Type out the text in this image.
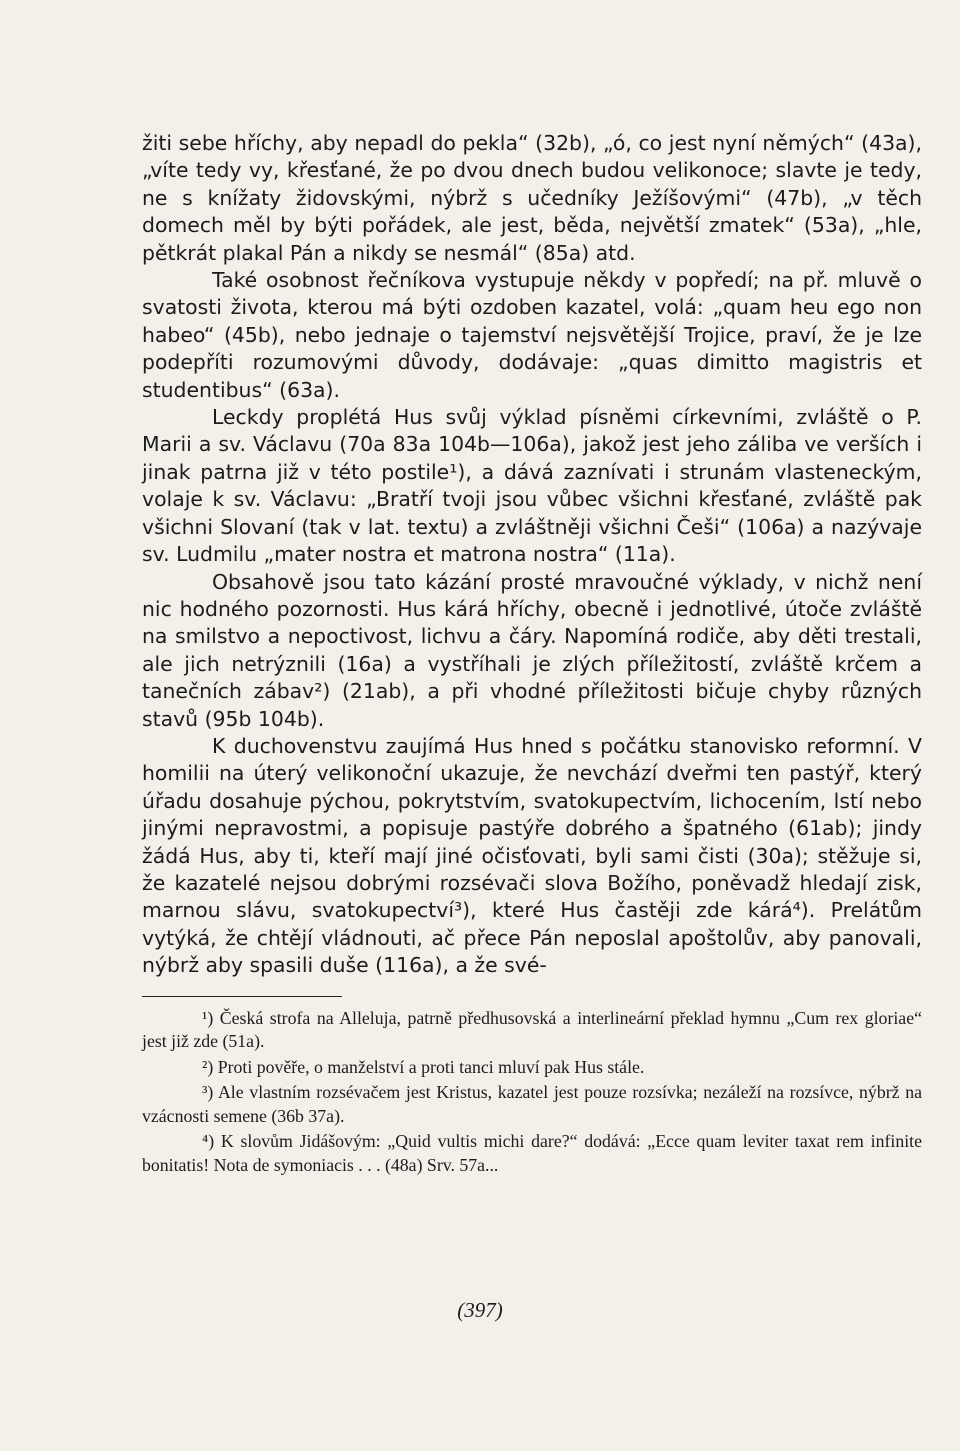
žiti sebe hříchy, aby nepadl do pekla“ (32b), „ó, co jest nyní němých“ (43a), „víte tedy vy, křesťané, že po dvou dnech budou velikonoce; slavte je tedy, ne s knížaty židovskými, nýbrž s učedníky Ježíšovými“ (47b), „v těch domech měl by býti pořádek, ale jest, běda, největší zmatek“ (53a), „hle, pětkrát plakal Pán a nikdy se nesmál“ (85a) atd.

Také osobnost řečníkova vystupuje někdy v popředí; na př. mluvě o svatosti života, kterou má býti ozdoben kazatel, volá: „quam heu ego non habeo“ (45b), nebo jednaje o tajemství nejsvětější Trojice, praví, že je lze podepříti rozumovými důvody, dodávaje: „quas dimitto magistris et studentibus“ (63a).

Leckdy proplétá Hus svůj výklad písněmi církevními, zvláště o P. Marii a sv. Václavu (70a 83a 104b—106a), jakož jest jeho záliba ve verších i jinak patrna již v této postile¹), a dává zaznívati i strunám vlasteneckým, volaje k sv. Václavu: „Bratří tvoji jsou vůbec všichni křesťané, zvláště pak všichni Slovaní (tak v lat. textu) a zvláštněji všichni Češi“ (106a) a nazývaje sv. Ludmilu „mater nostra et matrona nostra“ (11a).

Obsahově jsou tato kázání prosté mravoučné výklady, v nichž není nic hodného pozornosti. Hus kárá hříchy, obecně i jednotlivé, útoče zvláště na smilstvo a nepoctivost, lichvu a čáry. Napomíná rodiče, aby děti trestali, ale jich netrýznili (16a) a vystříhali je zlých příležitostí, zvláště krčem a tanečních zábav²) (21ab), a při vhodné příležitosti bičuje chyby různých stavů (95b 104b).

K duchovenstvu zaujímá Hus hned s počátku stanovisko reformní. V homilii na úterý velikonoční ukazuje, že nevchází dveřmi ten pastýř, který úřadu dosahuje pýchou, pokrytstvím, svatokupectvím, lichocením, lstí nebo jinými nepravostmi, a popisuje pastýře dobrého a špatného (61ab); jindy žádá Hus, aby ti, kteří mají jiné očisťovati, byli sami čisti (30a); stěžuje si, že kazatelé nejsou dobrými rozsévači slova Božího, poněvadž hledají zisk, marnou slávu, svatokupectví³), které Hus častěji zde kárá⁴). Prelátům vytýká, že chtějí vládnouti, ač přece Pán neposlal apoštolův, aby panovali, nýbrž aby spasili duše (116a), a že své-

¹) Česká strofa na Alleluja, patrně předhusovská a interlineární překlad hymnu „Cum rex gloriae“ jest již zde (51a).

²) Proti pověře, o manželství a proti tanci mluví pak Hus stále.

³) Ale vlastním rozsévačem jest Kristus, kazatel jest pouze rozsívka; nezáleží na rozsívce, nýbrž na vzácnosti semene (36b 37a).

⁴) K slovům Jidášovým: „Quid vultis michi dare?“ dodává: „Ecce quam leviter taxat rem infinite bonitatis! Nota de symoniacis . . . (48a) Srv. 57a...

(397)
